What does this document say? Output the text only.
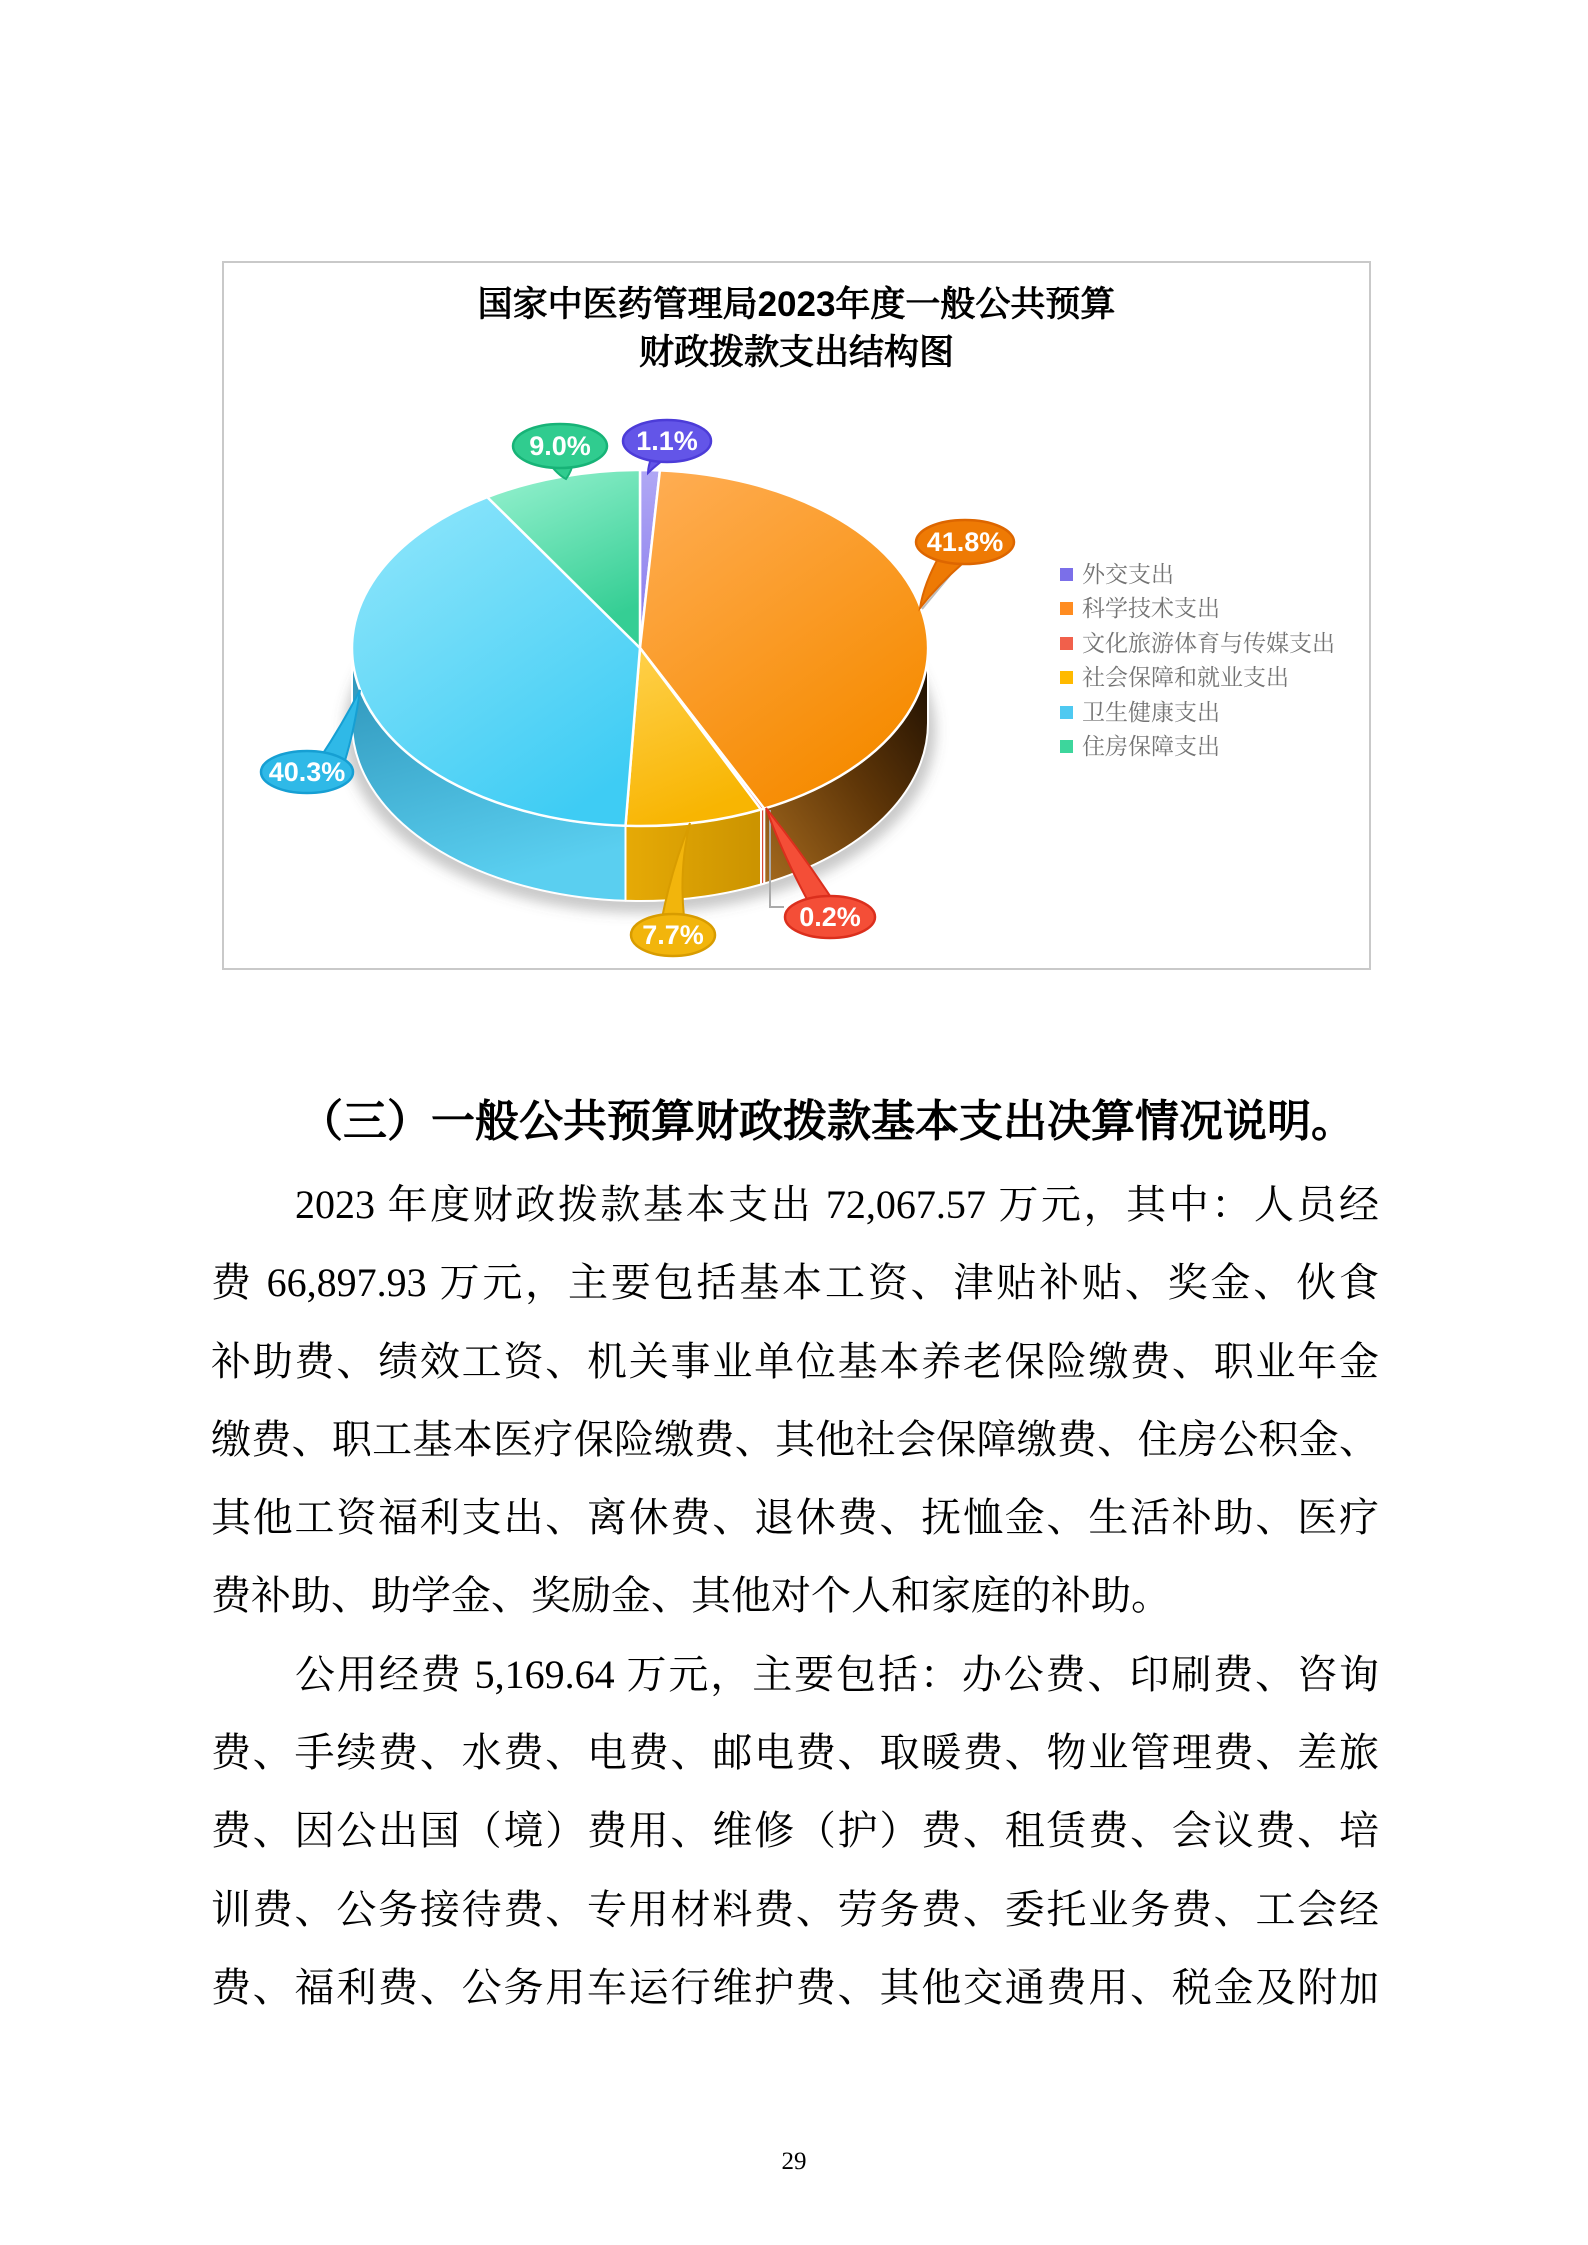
国家中医药管理局2023年度一般公共预算
财政拨款支出结构图
1.1%
9.0%
41.8%
40.3%
7.7%
0.2%
外交支出
科学技术支出
文化旅游体育与传媒支出
社会保障和就业支出
卫生健康支出
住房保障支出
（三）一般公共预算财政拨款基本支出决算情况说明。
2023 年度财政拨款基本支出 72,067.57 万元，其中：人员经
费 66,897.93 万元，主要包括基本工资、津贴补贴、奖金、伙食
补助费、绩效工资、机关事业单位基本养老保险缴费、职业年金
缴费、职工基本医疗保险缴费、其他社会保障缴费、住房公积金、
其他工资福利支出、离休费、退休费、抚恤金、生活补助、医疗
费补助、助学金、奖励金、其他对个人和家庭的补助。
公用经费 5,169.64 万元，主要包括：办公费、印刷费、咨询
费、手续费、水费、电费、邮电费、取暖费、物业管理费、差旅
费、因公出国（境）费用、维修（护）费、租赁费、会议费、培
训费、公务接待费、专用材料费、劳务费、委托业务费、工会经
费、福利费、公务用车运行维护费、其他交通费用、税金及附加
29
